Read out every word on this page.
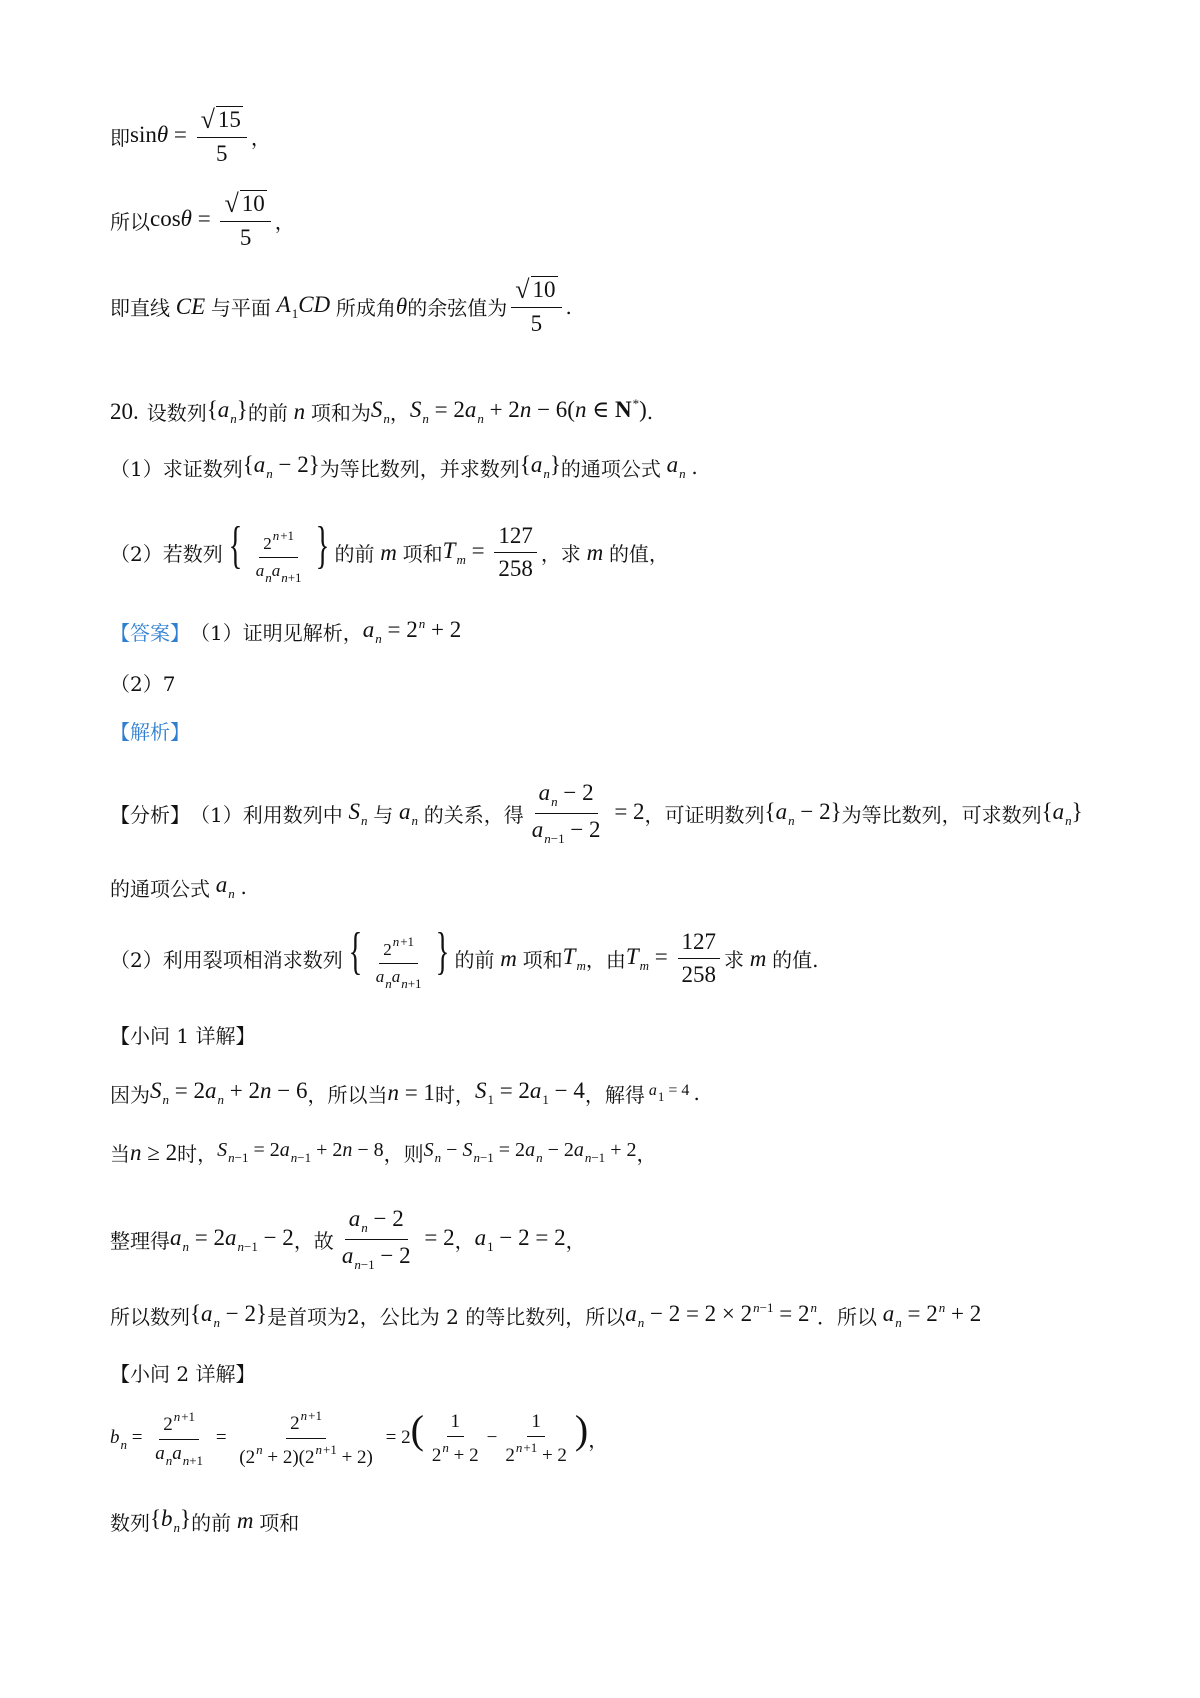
即 $\sin\theta = \frac{√ 15}{5}$ ，
所以 $\cos\theta = \frac{√ 10}{5}$ ，
即直线 CE 与平面 $A_1CD$ 所成角 θ 的余弦值为 $\frac{√ 10}{5}$ .
20. 设数列 $\{a_n\}$ 的前 n 项和为 $S_n$ ， $S_n = 2a_n + 2n - 6(n$ ∈ N*) .
（1）求证数列 $\{a_n - 2\}$ 为等比数列，并求数列 $\{a_n\}$ 的通项公式 $a_n$ .
（2）若数列 { $\frac{2^{n+1}}{a_na_{n+1}}$ } 的前 m 项和 $T_m = \frac{127}{258}$ ，求 m 的值，
【答案】 （1）证明见解析， $a_n = 2^n + 2$
（2）7
【解析】
【分析】 （1）利用数列中 $S_n$ 与 $a_n$ 的关系，得 $\frac{a_n - 2}{a_{n-1} - 2} = 2$ ，可证明数列 $\{a_n - 2\}$ 为等比数列，可求数列 $\{a_n\}$
的通项公式 $a_n$ .
（2）利用裂项相消求数列 { $\frac{2^{n+1}}{a_na_{n+1}}$ } 的前 m 项和 $T_m$ ，由 $T_m = \frac{127}{258}$ 求 m 的值.
【小问 1 详解】
因为 $S_n = 2a_n + 2n - 6$ ，所以当 n = 1 时， $S_1 = 2a_1 - 4$ ，解得 $a_1 = 4$ .
当 n ≥ 2 时， $S_{n-1} = 2a_{n-1} + 2n - 8$ ，则 $S_n - S_{n-1} = 2a_n - 2a_{n-1} + 2$ ，
整理得 $a_n = 2a_{n-1} - 2$ ，故 $\frac{a_n - 2}{a_{n-1} - 2} = 2$ ， $a_1 - 2 = 2$ ，
所以数列 $\{a_n - 2\}$ 是首项为2，公比为 2 的等比数列，所以 $a_n - 2 = 2 \times 2^{n-1} = 2^n$ ．所以 $a_n = 2^n + 2$
【小问 2 详解】
$b_n = \frac{2^{n+1}}{a_na_{n+1}} = \frac{2^{n+1}}{(2^n + 2)(2^{n+1} + 2)} = 2( \frac{1}{2^n + 2} - \frac{1}{2^{n+1} + 2}$ ) ，
数列 $\{b_n\}$ 的前 m 项和
